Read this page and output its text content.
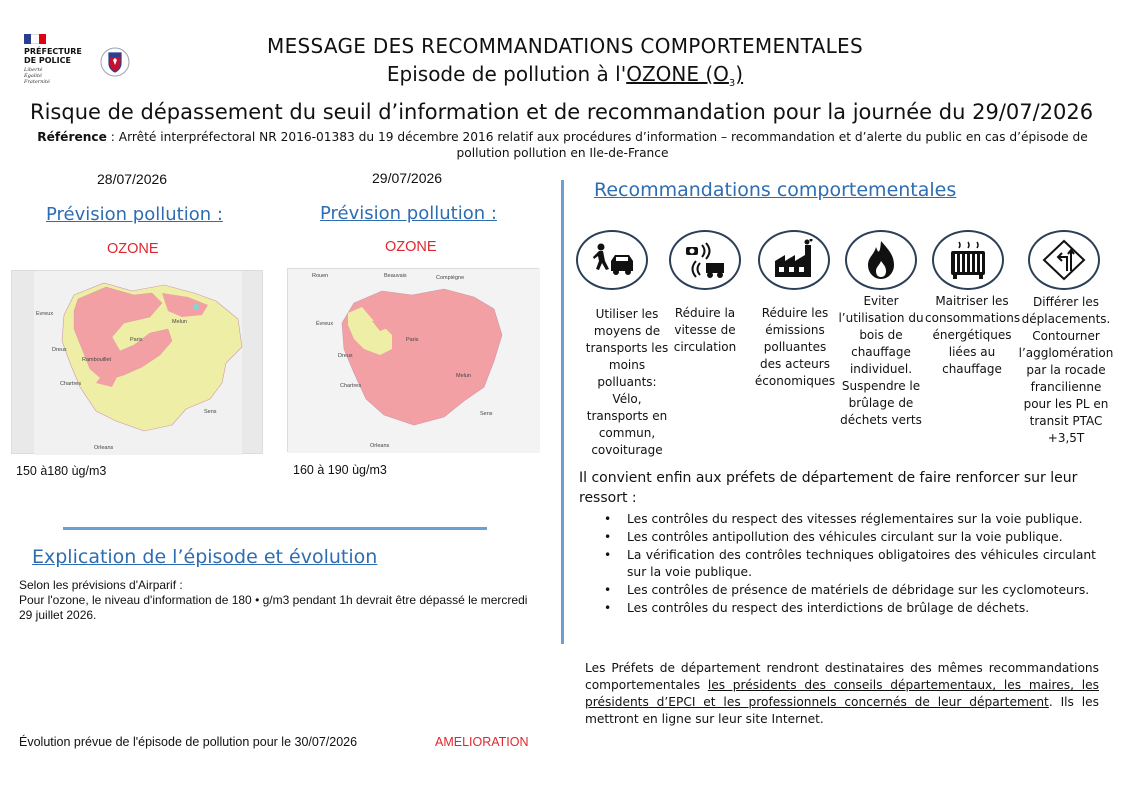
PRÉFECTURE
DE POLICE
Liberté
Égalité
Fraternité
MESSAGE DES RECOMMANDATIONS COMPORTEMENTALES
Episode de pollution à l'OZONE $(O_3)$
Risque de dépassement du seuil d’information et de recommandation pour la journée du 29/07/2026
Référence : Arrêté interpréfectoral NR 2016-01383 du 19 décembre 2016 relatif aux procédures d’information – recommandation et d’alerte du public en cas d’épisode de pollution pollution en Ile-de-France
28/07/2026
Prévision pollution :
OZONE
Evreux
Dreux
Chartres
Paris
Melun
Orleans
Sens
Rambouillet
150 à180 ùg/m3
29/07/2026
Prévision pollution :
OZONE
Rouen	Beauvais	Compiègne
Évreux
Dreux
Chartres
Paris
Melun
Orleans
Sens
160 à 190 ùg/m3
Explication de l’épisode et évolution
Selon les prévisions d'Airparif :
Pour l'ozone, le niveau d'information de 180 • g/m3 pendant 1h devrait être dépassé le mercredi 29 juillet 2026.
Évolution prévue de l'épisode de pollution pour le 30/07/2026	AMELIORATION
Recommandations comportementales
Utiliser les moyens de transports les moins polluants: Vélo, transports en commun, covoiturage
Réduire la vitesse de circulation
Réduire les émissions polluantes des acteurs économiques
Eviter l’utilisation du bois de chauffage individuel. Suspendre le brûlage de déchets verts
Maitriser les consommations énergétiques liées au chauffage
Différer les déplacements. Contourner l’agglomération par la rocade francilienne pour les PL en transit PTAC +3,5T
Il convient enfin aux préfets de département de faire renforcer sur leur ressort :
• Les contrôles du respect des vitesses réglementaires sur la voie publique.
• Les contrôles antipollution des véhicules circulant sur la voie publique.
• La vérification des contrôles techniques obligatoires des véhicules circulant sur la voie publique.
• Les contrôles de présence de matériels de débridage sur les cyclomoteurs.
• Les contrôles du respect des interdictions de brûlage de déchets.
Les Préfets de département rendront destinataires des mêmes recommandations comportementales les présidents des conseils départementaux, les maires, les présidents d’EPCI et les professionnels concernés de leur département. Ils les mettront en ligne sur leur site Internet.
